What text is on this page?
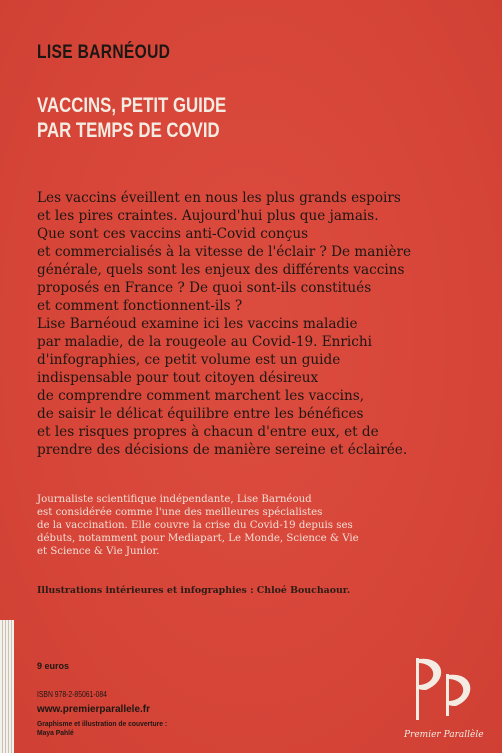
LISE BARNÉOUD
VACCINS, PETIT GUIDE
PAR TEMPS DE COVID
Les vaccins éveillent en nous les plus grands espoirs
et les pires craintes. Aujourd'hui plus que jamais.
Que sont ces vaccins anti-Covid conçus
et commercialisés à la vitesse de l'éclair ? De manière
générale, quels sont les enjeux des différents vaccins
proposés en France ? De quoi sont-ils constitués
et comment fonctionnent-ils ?
Lise Barnéoud examine ici les vaccins maladie
par maladie, de la rougeole au Covid-19. Enrichi
d'infographies, ce petit volume est un guide
indispensable pour tout citoyen désireux
de comprendre comment marchent les vaccins,
de saisir le délicat équilibre entre les bénéfices
et les risques propres à chacun d'entre eux, et de
prendre des décisions de manière sereine et éclairée.
Journaliste scientifique indépendante, Lise Barnéoud
est considérée comme l'une des meilleures spécialistes
de la vaccination. Elle couvre la crise du Covid-19 depuis ses
débuts, notamment pour Mediapart, Le Monde, Science & Vie
et Science & Vie Junior.
Illustrations intérieures et infographies : Chloé Bouchaour.
9 euros
ISBN 978-2-85061-084
www.premierparallele.fr
Graphisme et illustration de couverture :
Maya Pahlé	Premier Parallèle
